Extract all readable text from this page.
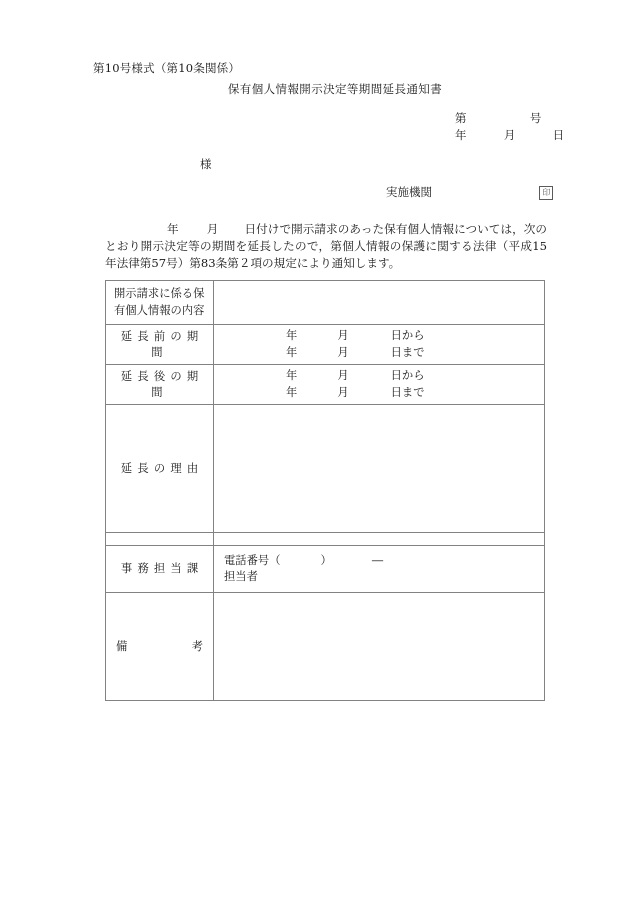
第10号様式（第10条関係）
保有個人情報開示決定等期間延長通知書
第	号
年	月	日
様
実施機関	印
年 月 日付けで開示請求のあった保有個人情報については，次のとおり開示決定等の期間を延長したので，第個人情報の保護に関する法律（平成15年法律第57号）第83条第２項の規定により通知します。
開示請求に係る保
有個人情報の内容	

延長前の期間	年 月 日から
年 月 日まで

延長後の期間	年 月 日から
年 月 日まで

延長の理由	

事務担当課	電話番号（ ） ―
担当者

備考	
